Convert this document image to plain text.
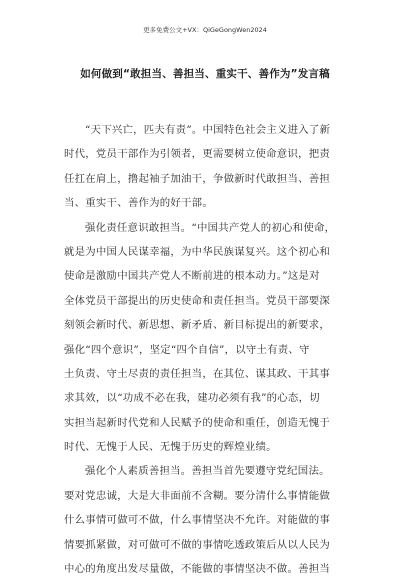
更多免费公文+VX：QiGeGongWen2024
如何做到“敢担当、善担当、重实干、善作为”发言稿
“天下兴亡，匹夫有责”。中国特色社会主义进入了新
时代，党员干部作为引领者，更需要树立使命意识，把责
任扛在肩上，撸起袖子加油干，争做新时代敢担当、善担
当、重实干、善作为的好干部。
强化责任意识敢担当。“中国共产党人的初心和使命，
就是为中国人民谋幸福，为中华民族谋复兴。这个初心和
使命是激励中国共产党人不断前进的根本动力。”这是对
全体党员干部提出的历史使命和责任担当。党员干部要深
刻领会新时代、新思想、新矛盾、新目标提出的新要求，
强化“四个意识”，坚定“四个自信”，以守土有责、守
土负责、守土尽责的责任担当，在其位、谋其政、干其事
求其效，以“功成不必在我，建功必须有我”的心态，切
实担当起新时代党和人民赋予的使命和重任，创造无愧于
时代、无愧于人民、无愧于历史的辉煌业绩。
强化个人素质善担当。善担当首先要遵守党纪国法。
要对党忠诚，大是大非面前不含糊。要分清什么事情能做
什么事情可做可不做，什么事情坚决不允许。对能做的事
情要抓紧做，对可做可不做的事情吃透政策后从以人民为
中心的角度出发尽量做，不能做的事情坚决不做。善担当
